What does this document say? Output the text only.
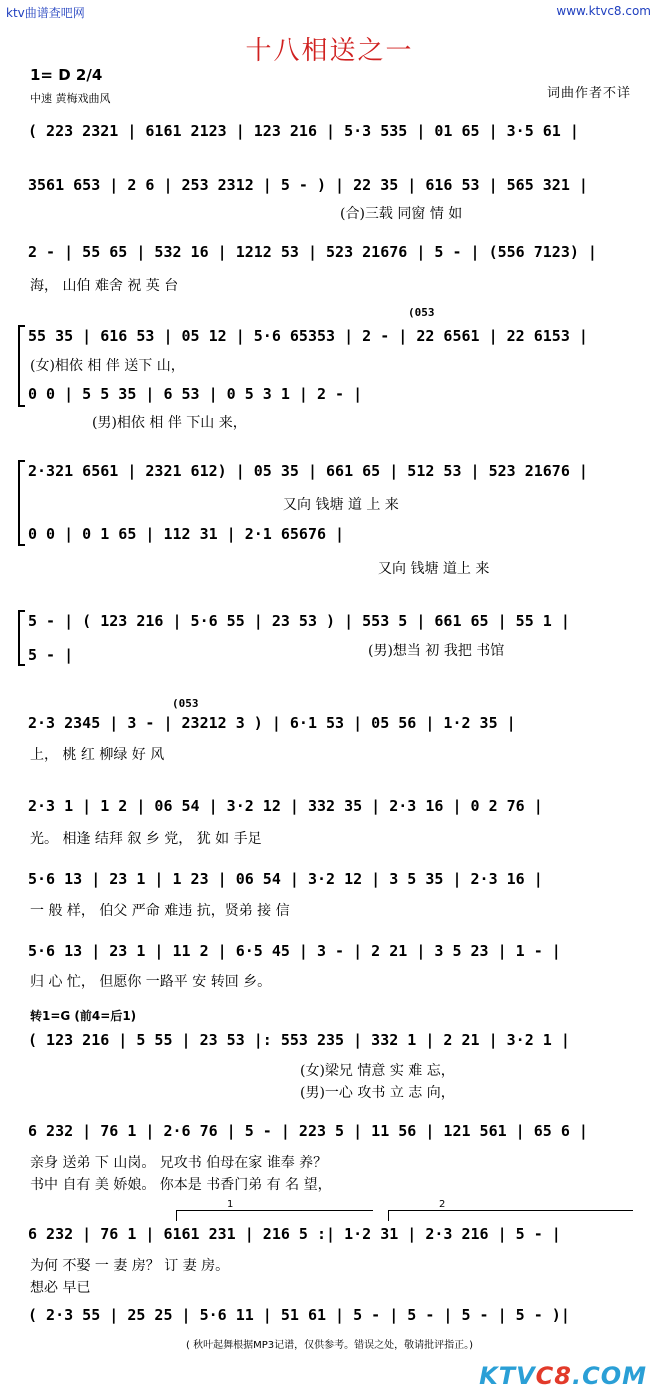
ktv曲谱查吧网	www.ktvc8.com
十八相送之一
1= D 2/4
中速 黄梅戏曲风	词曲作者不详
( 223 2321 | 6161 2123 | 123 216 | 5·3 535 | 01 65 | 3·5 61 |
3561 653 | 2 6 | 253 2312 | 5 - ) | 22 35 | 616 53 | 565 321 |
2 - | 55 65 | 532 16 | 1212 53 | 523 21676 | 5 - | (556 7123) |
55 35 | 616 53 | 05 12 | 5·6 65353 | 2 - | 22 6561 | 22 6153 |
0 0 | 5 5 35 | 6 53 | 0 5 3 1 | 2 - |
2·321 6561 | 2321 612) | 05 35 | 661 65 | 512 53 | 523 21676 |
0 0 | 0 1 65 | 112 31 | 2·1 65676 |
5 - | ( 123 216 | 5·6 55 | 23 53 ) | 553 5 | 661 65 | 55 1 |
5 - |
2·3 2345 | 3 - | 23212 3 ) | 6·1 53 | 05 56 | 1·2 35 |
2·3 1 | 1 2 | 06 54 | 3·2 12 | 332 35 | 2·3 16 | 0 2 76 |
5·6 13 | 23 1 | 1 23 | 06 54 | 3·2 12 | 3 5 35 | 2·3 16 |
5·6 13 | 23 1 | 11 2 | 6·5 45 | 3 - | 2 21 | 3 5 23 | 1 - |
( 123 216 | 5 55 | 23 53 |: 553 235 | 332 1 | 2 21 | 3·2 1 |
6 232 | 76 1 | 2·6 76 | 5 - | 223 5 | 11 56 | 121 561 | 65 6 |
6 232 | 76 1 | 6161 231 | 216 5 :| 1·2 31 | 2·3 216 | 5 - |
( 2·3 55 | 25 25 | 5·6 11 | 51 61 | 5 - | 5 - | 5 - | 5 - )|
(053
(053
(合)三载 同窗 情 如
海， 山伯 难舍 祝 英 台
(女)相依 相 伴 送下 山，
(男)相依 相 伴 下山 来，
又向 钱塘 道 上 来
又向 钱塘 道上 来
(男)想当 初 我把 书馆
上， 桃 红 柳绿 好 风
光。 相逢 结拜 叙 乡 党， 犹 如 手足
一 般 样， 伯父 严命 难违 抗，贤弟 接 信
归 心 忙， 但愿你 一路平 安 转回 乡。
(女)梁兄 情意 实 难 忘，
(男)一心 攻书 立 志 向，
亲身 送弟 下 山岗。 兄攻书 伯母在家 谁奉 养？
书中 自有 美 娇娘。 你本是 书香门弟 有 名 望，
为何 不娶 一 妻 房？ 订 妻 房。
想必 早已
转1=G (前4=后1)
1	2
( 秋叶起舞根据MP3记谱，仅供参考。错误之处，敬请批评指正。)
KTVC8.COM
